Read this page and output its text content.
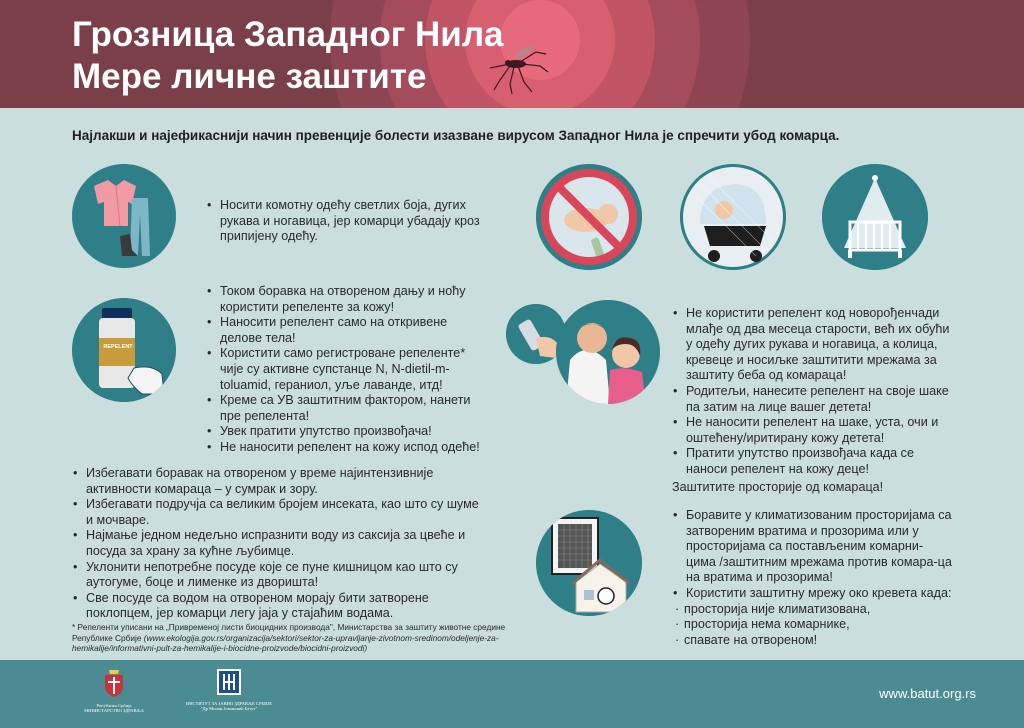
Грозница Западног Нила
Мере личне заштите
Најлакши и најефикаснији начин превенције болести изазване вирусом Западног Нила је спречити убод комарца.
• Носити комотну одећу светлих боја, дугих рукава и ногавица, јер комарци убадају кроз припијену одећу.
REPELENT
• Током боравка на отвореном дању и ноћу користити репеленте за кожу!
• Наносити репелент само на откривене делове тела!
• Користити само регистроване репеленте* чије су активне супстанце N, N-dietil-m-toluamid, гераниол, уље лаванде, итд!
• Креме са УВ заштитним фактором, нанети пре репелента!
• Увек пратити упутство произвођача!
• Не наносити репелент на кожу испод одеће!
• Избегавати боравак на отвореном у време најинтензивније активности комараца – у сумрак и зору.
• Избегавати подручја са великим бројем инсеката, као што су шуме и мочваре.
• Најмање једном недељно испразнити воду из саксија за цвеће и посуда за храну за кућне љубимце.
• Уклонити непотребне посуде које се пуне кишницом као што су аутогуме, боце и лименке из дворишта!
• Све посуде са водом на отвореном морају бити затворене поклопцем, јер комарци легу јаја у стајаћим водама.
* Репеленти уписани на „Привременој листи биоцидних производа", Министарства за заштиту животне средине Републике Србије (www.ekologija.gov.rs/organizacija/sektori/sektor-za-upravljanje-zivotnom-sredinom/odeljenje-za-hemikalije/informativni-pult-za-hemikalije-i-biocidne-proizvode/biocidni-proizvodi)
• Не користити репелент код новорођенчади млађе од два месеца старости, већ их обући у одећу дугих рукава и ногавица, а колица, кревеце и носиљке заштитити мрежама за заштиту беба од комараца!
• Родитељи, нанесите репелент на своје шаке па затим на лице вашег детета!
• Не наносити репелент на шаке, уста, очи и оштећену/иритирану кожу детета!
• Пратити упутство произвођача када се наноси репелент на кожу деце!
Заштитите просторије од комараца!
• Боравите у климатизованим просторијама са затвореним вратима и прозорима или у просторијама са постављеним комарни-цима /заштитним мрежама против комара-ца на вратима и прозорима!
• Користити заштитну мрежу око кревета када:
· просторија није климатизована,
· просторија нема комарнике,
· спавате на отвореном!
Република Србија
МИНИСТАРСТВО ЗДРАВЉА
ИНСТИТУТ ЗА ЈАВНО ЗДРАВЉЕ СРБИЈЕ
"Др Милан Јовановић Батут"
www.batut.org.rs
